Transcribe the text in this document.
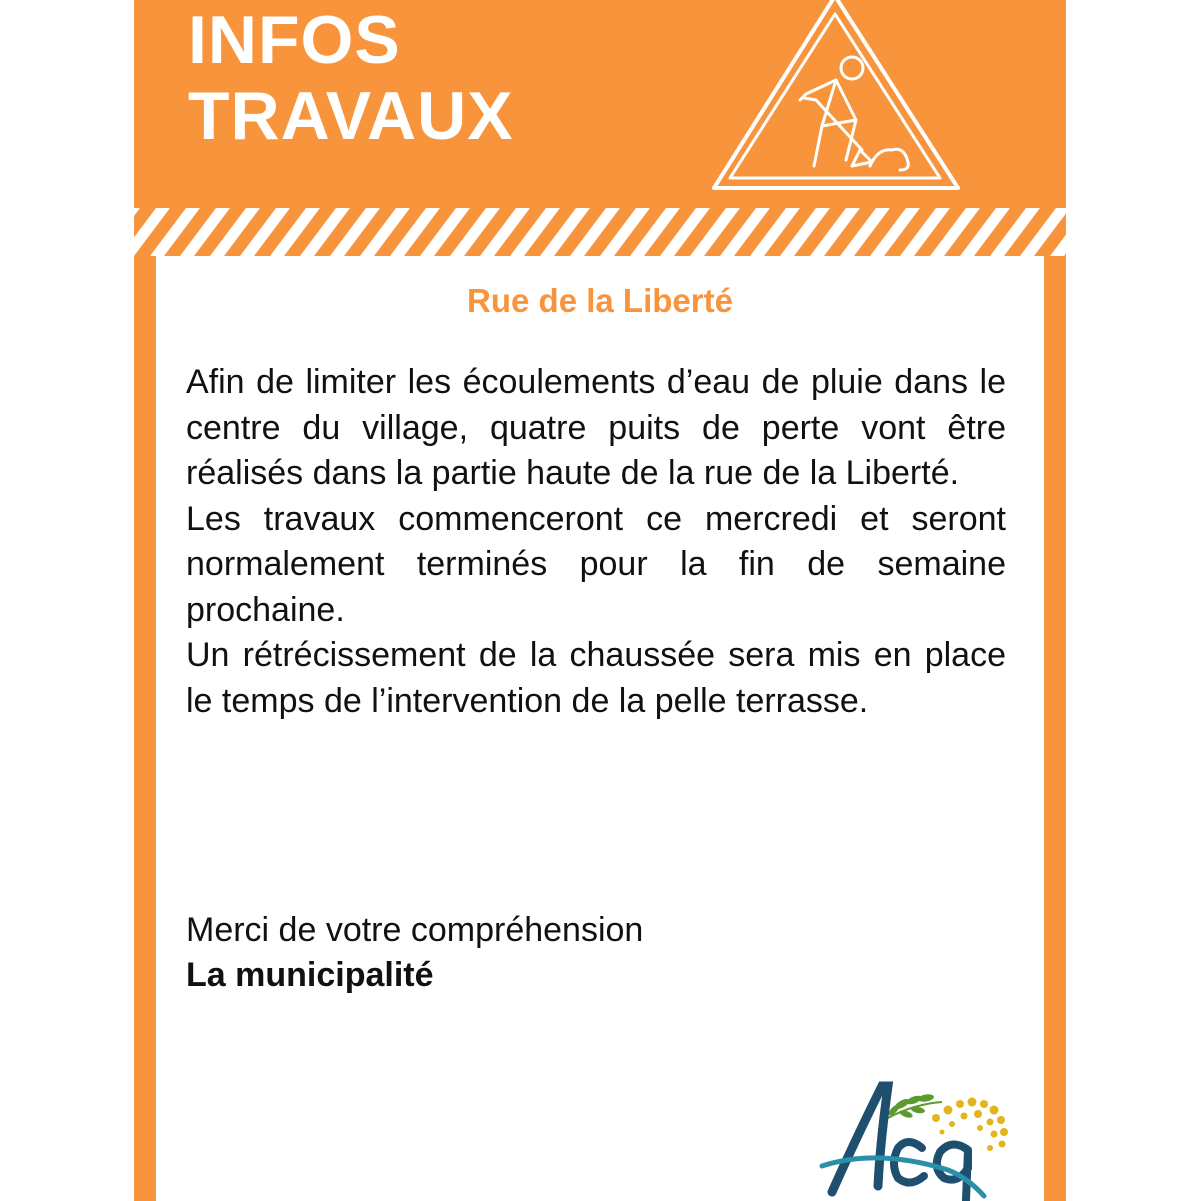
INFOS
TRAVAUX
Rue de la Liberté

Afin de limiter les écoulements d’eau de pluie dans le centre du village, quatre puits de perte vont être réalisés dans la partie haute de la rue de la Liberté.

Les travaux commenceront ce mercredi et seront normalement terminés pour la fin de semaine prochaine.

Un rétrécissement de la chaussée sera mis en place le temps de l’intervention de la pelle terrasse.

Merci de votre compréhension
La municipalité
